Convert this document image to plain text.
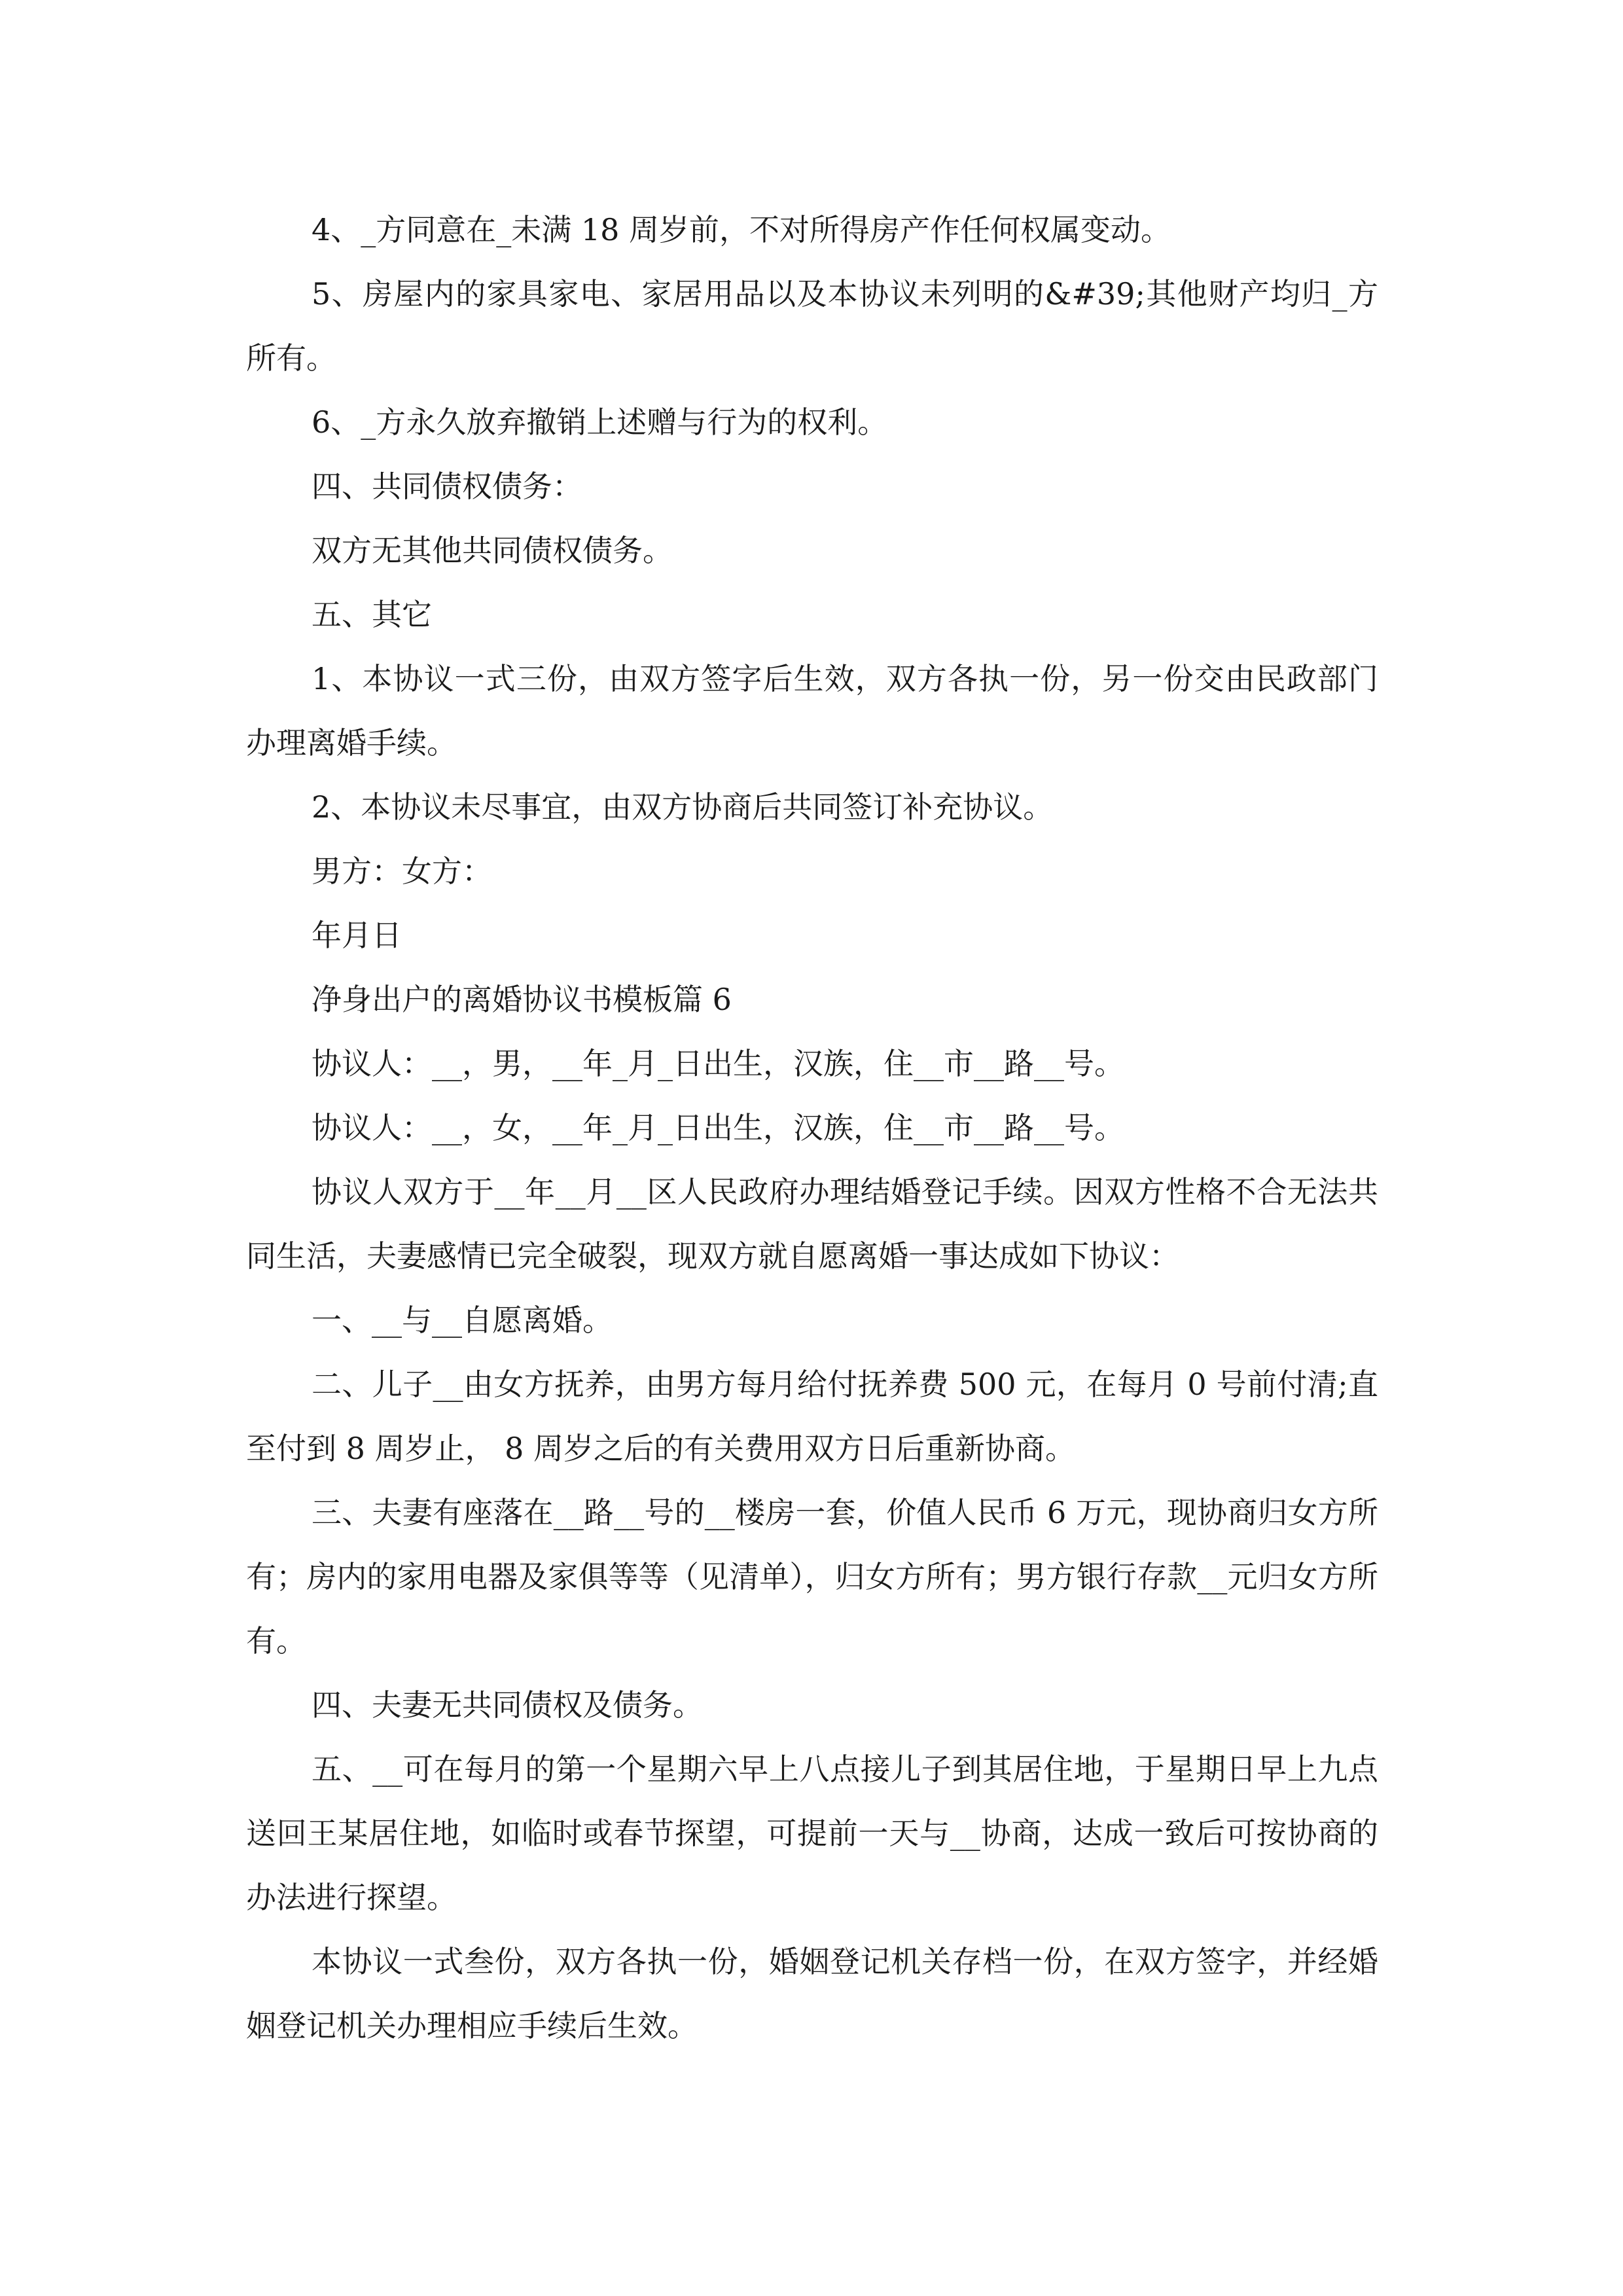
4、_方同意在_未满 18 周岁前，不对所得房产作任何权属变动。

5、房屋内的家具家电、家居用品以及本协议未列明的&#39;其他财产均归_方所有。

6、_方永久放弃撤销上述赠与行为的权利。

四、共同债权债务：

双方无其他共同债权债务。

五、其它

1、本协议一式三份，由双方签字后生效，双方各执一份，另一份交由民政部门办理离婚手续。

2、本协议未尽事宜，由双方协商后共同签订补充协议。

男方：女方：

年月日

净身出户的离婚协议书模板篇 6

协议人：__，男，__年_月_日出生，汉族，住__市__路__号。

协议人：__，女，__年_月_日出生，汉族，住__市__路__号。

协议人双方于__年__月__区人民政府办理结婚登记手续。因双方性格不合无法共同生活，夫妻感情已完全破裂，现双方就自愿离婚一事达成如下协议：

一、__与__自愿离婚。

二、儿子__由女方抚养，由男方每月给付抚养费 500 元，在每月 0 号前付清;直至付到 8 周岁止， 8 周岁之后的有关费用双方日后重新协商。

三、夫妻有座落在__路__号的__楼房一套，价值人民币 6 万元，现协商归女方所有；房内的家用电器及家俱等等（见清单），归女方所有；男方银行存款__元归女方所有。

四、夫妻无共同债权及债务。

五、__可在每月的第一个星期六早上八点接儿子到其居住地，于星期日早上九点送回王某居住地，如临时或春节探望，可提前一天与__协商，达成一致后可按协商的办法进行探望。

本协议一式叁份，双方各执一份，婚姻登记机关存档一份，在双方签字，并经婚姻登记机关办理相应手续后生效。
